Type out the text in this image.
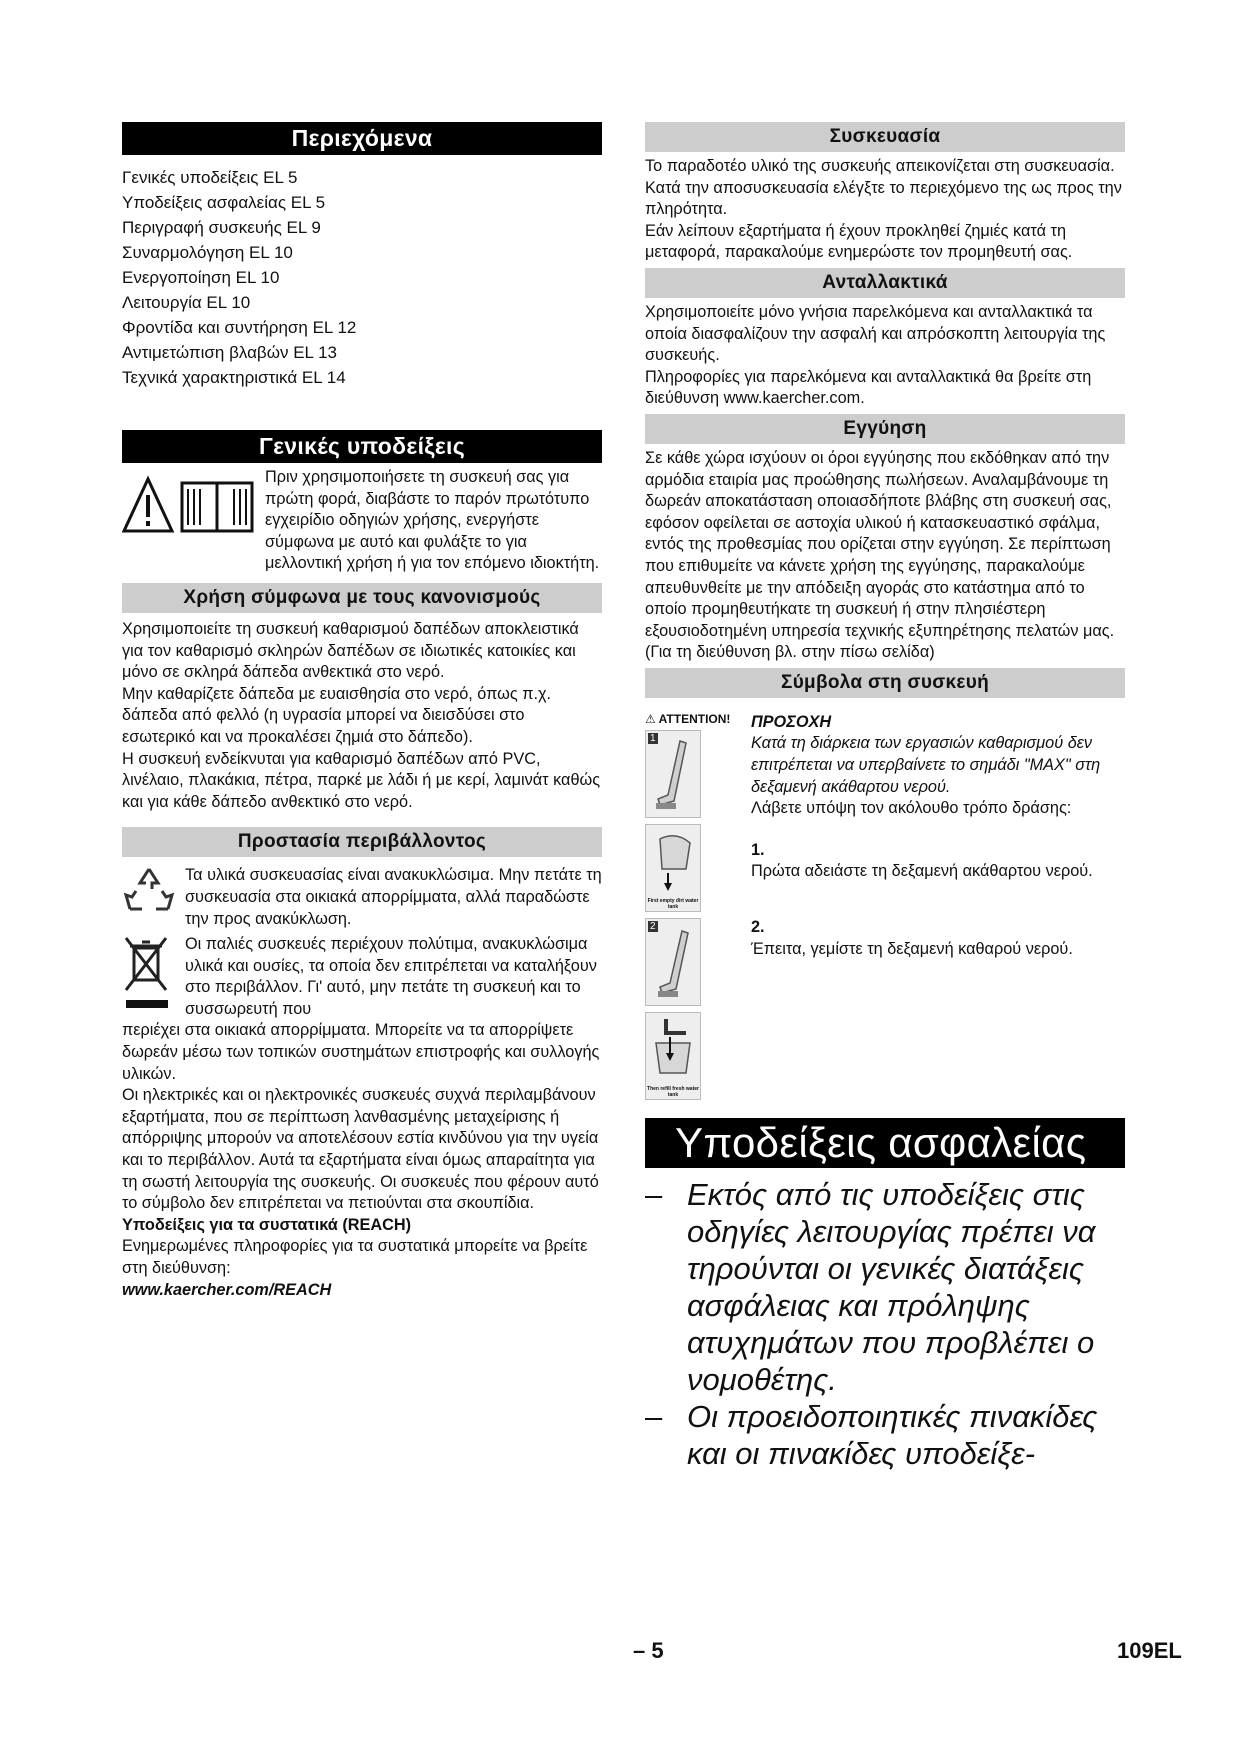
Περιεχόμενα
Γενικές υποδείξεις EL 5
Υποδείξεις ασφαλείας EL 5
Περιγραφή συσκευής EL 9
Συναρμολόγηση EL 10
Ενεργοποίηση EL 10
Λειτουργία EL 10
Φροντίδα και συντήρηση EL 12
Αντιμετώπιση βλαβών EL 13
Τεχνικά χαρακτηριστικά EL 14
Γενικές υποδείξεις

Πριν χρησιμοποιήσετε τη συσκευή σας για πρώτη φορά, διαβάστε το παρόν πρωτότυπο εγχειρίδιο οδηγιών χρήσης, ενεργήστε σύμφωνα με αυτό και φυλάξτε το για μελλοντική χρήση ή για τον επόμενο ιδιοκτήτη.

Χρήση σύμφωνα με τους κανονισμούς

Χρησιμοποιείτε τη συσκευή καθαρισμού δαπέδων αποκλειστικά για τον καθαρισμό σκληρών δαπέδων σε ιδιωτικές κατοικίες και μόνο σε σκληρά δάπεδα ανθεκτικά στο νερό.

Μην καθαρίζετε δάπεδα με ευαισθησία στο νερό, όπως π.χ. δάπεδα από φελλό (η υγρασία μπορεί να διεισδύσει στο εσωτερικό και να προκαλέσει ζημιά στο δάπεδο).

Η συσκευή ενδείκνυται για καθαρισμό δαπέδων από PVC, λινέλαιο, πλακάκια, πέτρα, παρκέ με λάδι ή με κερί, λαμινάτ καθώς και για κάθε δάπεδο ανθεκτικό στο νερό.

Προστασία περιβάλλοντος

Τα υλικά συσκευασίας είναι ανακυκλώσιμα. Μην πετάτε τη συσκευασία στα οικιακά απορρίμματα, αλλά παραδώστε την προς ανακύκλωση.

Οι παλιές συσκευές περιέχουν πολύτιμα, ανακυκλώσιμα υλικά και ουσίες, τα οποία δεν επιτρέπεται να καταλήξουν στο περιβάλλον. Γι' αυτό, μην πετάτε τη συσκευή και το συσσωρευτή που

περιέχει στα οικιακά απορρίμματα. Μπορείτε να τα απορρίψετε δωρεάν μέσω των τοπικών συστημάτων επιστροφής και συλλογής υλικών.

Οι ηλεκτρικές και οι ηλεκτρονικές συσκευές συχνά περιλαμβάνουν εξαρτήματα, που σε περίπτωση λανθασμένης μεταχείρισης ή απόρριψης μπορούν να αποτελέσουν εστία κινδύνου για την υγεία και το περιβάλλον. Αυτά τα εξαρτήματα είναι όμως απαραίτητα για τη σωστή λειτουργία της συσκευής. Οι συσκευές που φέρουν αυτό το σύμβολο δεν επιτρέπεται να πετιούνται στα σκουπίδια.

Υποδείξεις για τα συστατικά (REACH)

Ενημερωμένες πληροφορίες για τα συστατικά μπορείτε να βρείτε στη διεύθυνση:

www.kaercher.com/REACH

Συσκευασία

Το παραδοτέο υλικό της συσκευής απεικονίζεται στη συσκευασία. Κατά την αποσυσκευασία ελέγξτε το περιεχόμενο της ως προς την πληρότητα.

Εάν λείπουν εξαρτήματα ή έχουν προκληθεί ζημιές κατά τη μεταφορά, παρακαλούμε ενημερώστε τον προμηθευτή σας.

Ανταλλακτικά

Χρησιμοποιείτε μόνο γνήσια παρελκόμενα και ανταλλακτικά τα οποία διασφαλίζουν την ασφαλή και απρόσκοπτη λειτουργία της συσκευής.

Πληροφορίες για παρελκόμενα και ανταλλακτικά θα βρείτε στη διεύθυνση www.kaercher.com.

Εγγύηση

Σε κάθε χώρα ισχύουν οι όροι εγγύησης που εκδόθηκαν από την αρμόδια εταιρία μας προώθησης πωλήσεων. Αναλαμβάνουμε τη δωρεάν αποκατάσταση οποιασδήποτε βλάβης στη συσκευή σας, εφόσον οφείλεται σε αστοχία υλικού ή κατασκευαστικό σφάλμα, εντός της προθεσμίας που ορίζεται στην εγγύηση. Σε περίπτωση που επιθυμείτε να κάνετε χρήση της εγγύησης, παρακαλούμε απευθυνθείτε με την απόδειξη αγοράς στο κατάστημα από το οποίο προμηθευτήκατε τη συσκευή ή στην πλησιέστερη εξουσιοδοτημένη υπηρεσία τεχνικής εξυπηρέτησης πελατών μας.

(Για τη διεύθυνση βλ. στην πίσω σελίδα)

Σύμβολα στη συσκευή
⚠ ATTENTION!
1
First empty dirt water tank
2
Then refill fresh water tank

ΠΡΟΣΟΧΗ

Κατά τη διάρκεια των εργασιών καθαρισμού δεν επιτρέπεται να υπερβαίνετε το σημάδι "MAX" στη δεξαμενή ακάθαρτου νερού.

Λάβετε υπόψη τον ακόλουθο τρόπο δράσης:

1.

Πρώτα αδειάστε τη δεξαμενή ακάθαρτου νερού.

2.

Έπειτα, γεμίστε τη δεξαμενή καθαρού νερού.

Υποδείξεις ασφαλείας
– Εκτός από τις υποδείξεις στις οδηγίες λειτουργίας πρέπει να τηρούνται οι γενικές διατάξεις ασφάλειας και πρόληψης ατυχημάτων που προβλέπει ο νομοθέτης.
– Οι προειδοποιητικές πινακίδες και οι πινακίδες υποδείξε-
– 5	109EL
